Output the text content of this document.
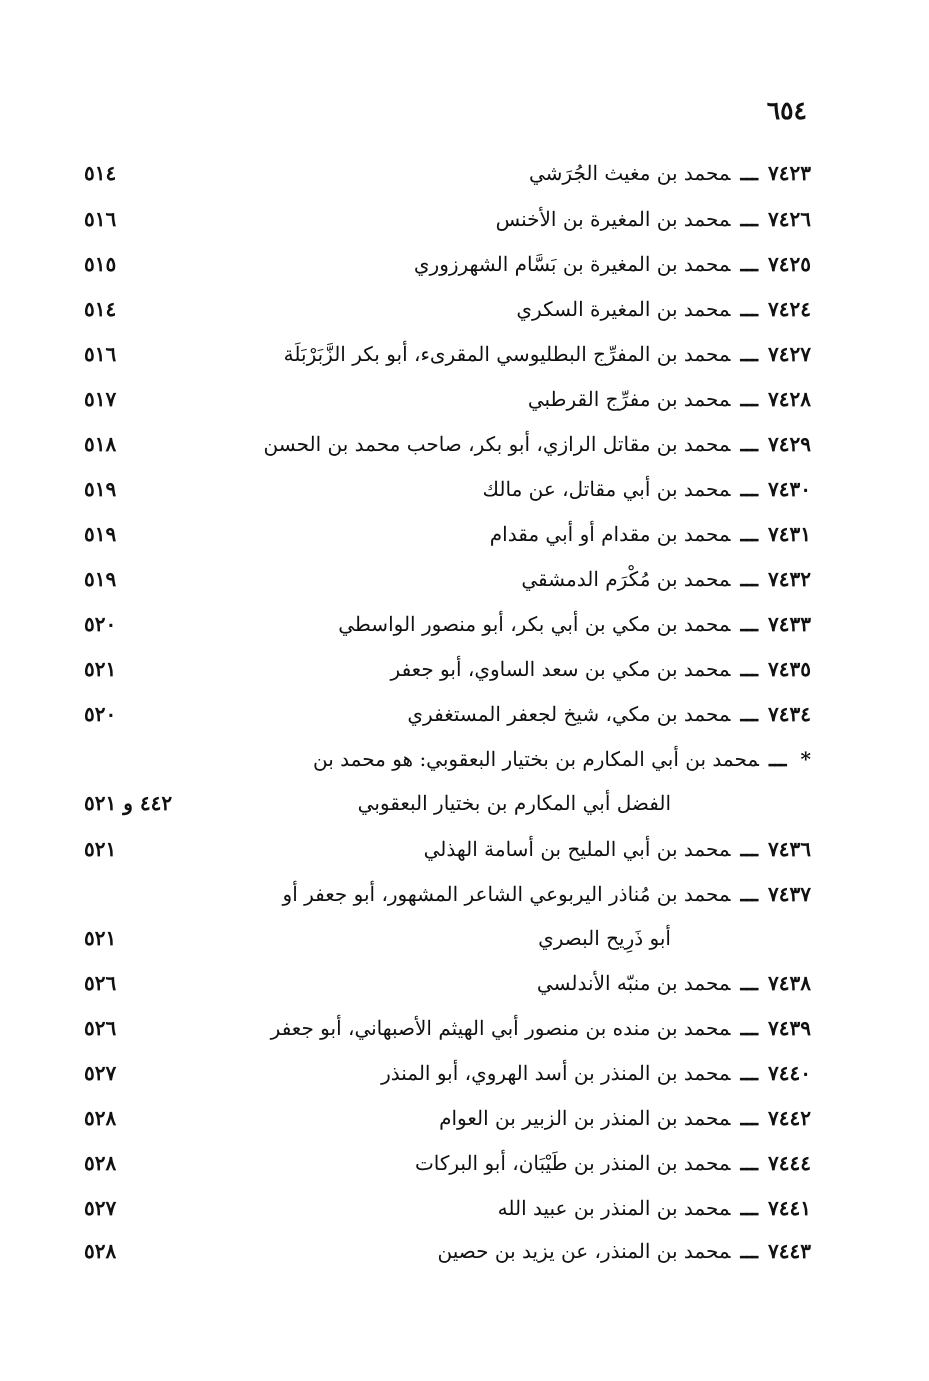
٦٥٤
٧٤٢٣ـــمحمد بن مغيث الجُرَشي
٥١٤
٧٤٢٦ـــمحمد بن المغيرة بن الأخنس
٥١٦
٧٤٢٥ـــمحمد بن المغيرة بن بَسَّام الشهرزوري
٥١٥
٧٤٢٤ـــمحمد بن المغيرة السكري
٥١٤
٧٤٢٧ـــمحمد بن المفرِّج البطليوسي المقرىء، أبو بكر الزَّبَرْبَلَة
٥١٦
٧٤٢٨ـــمحمد بن مفرِّج القرطبي
٥١٧
٧٤٢٩ـــمحمد بن مقاتل الرازي، أبو بكر، صاحب محمد بن الحسن
٥١٨
٧٤٣٠ـــمحمد بن أبي مقاتل، عن مالك
٥١٩
٧٤٣١ـــمحمد بن مقدام أو أبي مقدام
٥١٩
٧٤٣٢ـــمحمد بن مُكْرَم الدمشقي
٥١٩
٧٤٣٣ـــمحمد بن مكي بن أبي بكر، أبو منصور الواسطي
٥٢٠
٧٤٣٥ـــمحمد بن مكي بن سعد الساوي، أبو جعفر
٥٢١
٧٤٣٤ـــمحمد بن مكي، شيخ لجعفر المستغفري
٥٢٠
*ـــمحمد بن أبي المكارم بن بختيار البعقوبي: هو محمد بن
الفضل أبي المكارم بن بختيار البعقوبي
٤٤٢ و ٥٢١
٧٤٣٦ـــمحمد بن أبي المليح بن أسامة الهذلي
٥٢١
٧٤٣٧ـــمحمد بن مُناذر اليربوعي الشاعر المشهور، أبو جعفر أو
أبو ذَرِيح البصري
٥٢١
٧٤٣٨ـــمحمد بن منبّه الأندلسي
٥٢٦
٧٤٣٩ـــمحمد بن منده بن منصور أبي الهيثم الأصبهاني، أبو جعفر
٥٢٦
٧٤٤٠ـــمحمد بن المنذر بن أسد الهروي، أبو المنذر
٥٢٧
٧٤٤٢ـــمحمد بن المنذر بن الزبير بن العوام
٥٢٨
٧٤٤٤ـــمحمد بن المنذر بن طَيْبَان، أبو البركات
٥٢٨
٧٤٤١ـــمحمد بن المنذر بن عبيد الله
٥٢٧
٧٤٤٣ـــمحمد بن المنذر، عن يزيد بن حصين
٥٢٨
